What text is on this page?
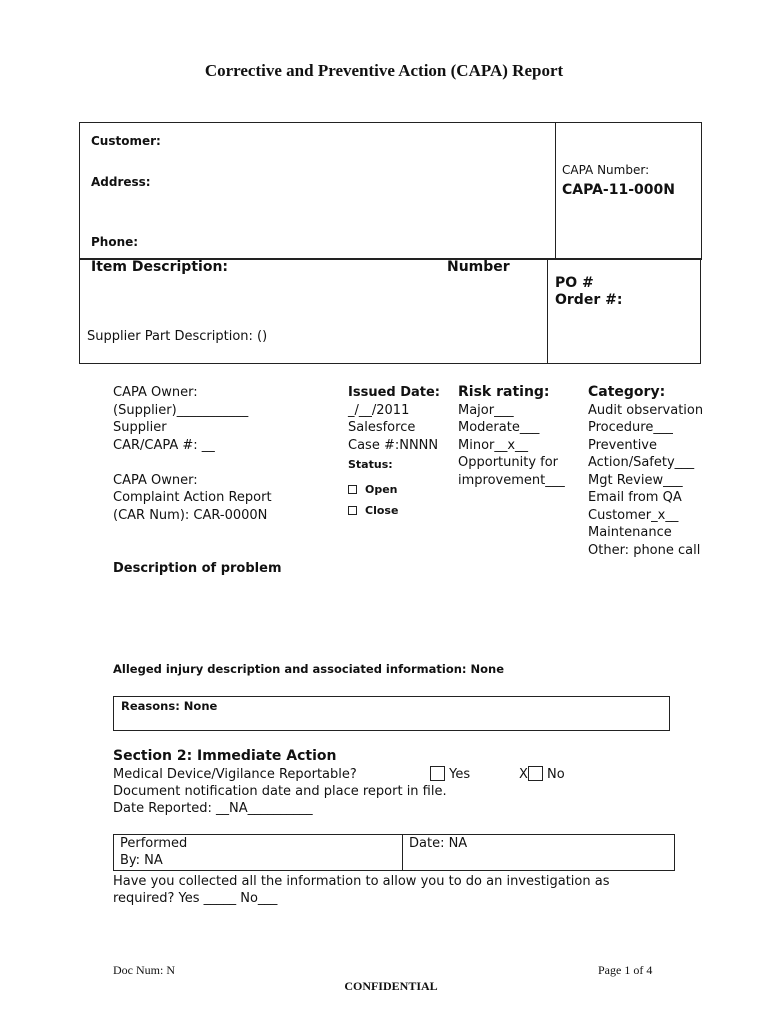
Corrective and Preventive Action (CAPA) Report
Customer:
Address:
Phone:
CAPA Number:
CAPA-11-000N
Item Description:	Number
PO #
Order #:
Supplier Part Description: ()
CAPA Owner:
(Supplier)___________
Supplier
CAR/CAPA #: __
CAPA Owner:
Complaint Action Report
(CAR Num): CAR-0000N
Issued Date:
_/__/2011
Salesforce
Case #:NNNN
Status:
Open
Close
Risk rating:
Major___
Moderate___
Minor__x__
Opportunity for
improvement___
Category:
Audit observation
Procedure___
Preventive
Action/Safety___
Mgt Review___
Email from QA
Customer_x__
Maintenance
Other: phone call
Description of problem
Alleged injury description and associated information: None
Reasons: None
Section 2: Immediate Action
Medical Device/Vigilance Reportable?	Yes	X No
Document notification date and place report in file.
Date Reported: __NA__________
Performed
By: NA
Date: NA
Have you collected all the information to allow you to do an investigation as
required? Yes _____ No___
Doc Num: N	Page 1 of 4
CONFIDENTIAL
